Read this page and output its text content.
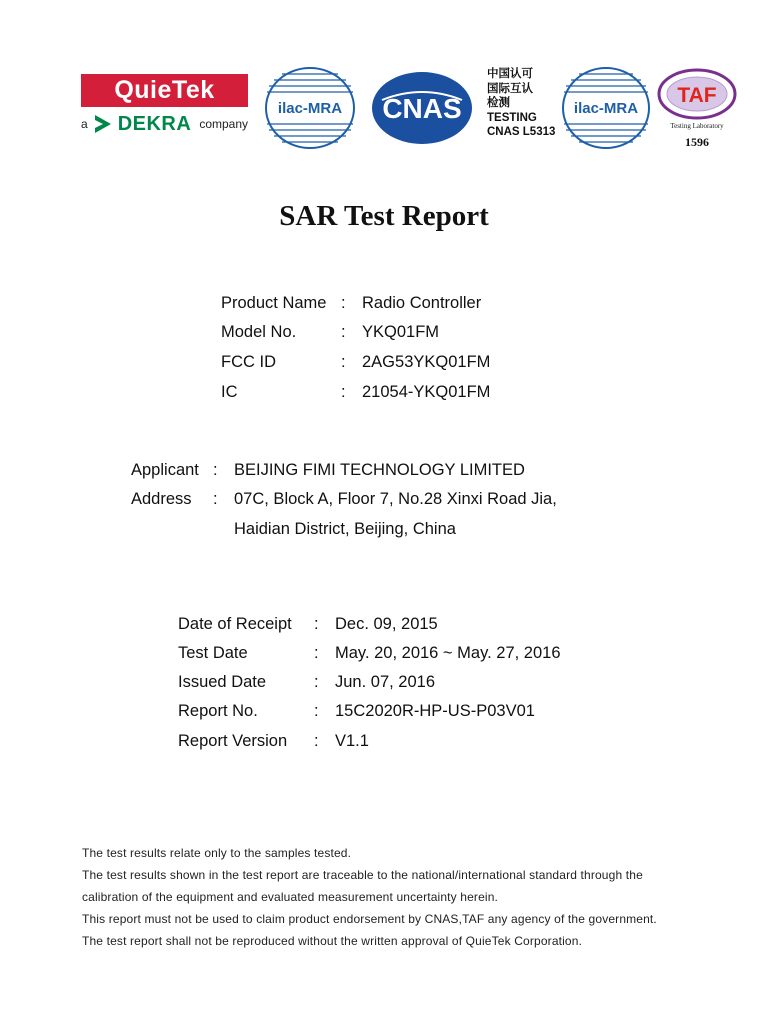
QuieTek
a DEKRA company
ilac-MRA CNAS
中国认可
国际互认
检测
TESTING
CNAS L5313
ilac-MRA
TAF
Testing Laboratory
1596
SAR Test Report
Product Name : Radio Controller
Model No.	: YKQ01FM
FCC ID	: 2AG53YKQ01FM
IC	: 21054-YKQ01FM
Applicant : BEIJING FIMI TECHNOLOGY LIMITED
Address : 07C, Block A, Floor 7, No.28 Xinxi Road Jia,
Haidian District, Beijing, China
Date of Receipt : Dec. 09, 2015
Test Date	: May. 20, 2016 ~ May. 27, 2016
Issued Date	: Jun. 07, 2016
Report No.	: 15C2020R-HP-US-P03V01
Report Version : V1.1
The test results relate only to the samples tested.
The test results shown in the test report are traceable to the national/international standard through the
calibration of the equipment and evaluated measurement uncertainty herein.
This report must not be used to claim product endorsement by CNAS,TAF any agency of the government.
The test report shall not be reproduced without the written approval of QuieTek Corporation.
